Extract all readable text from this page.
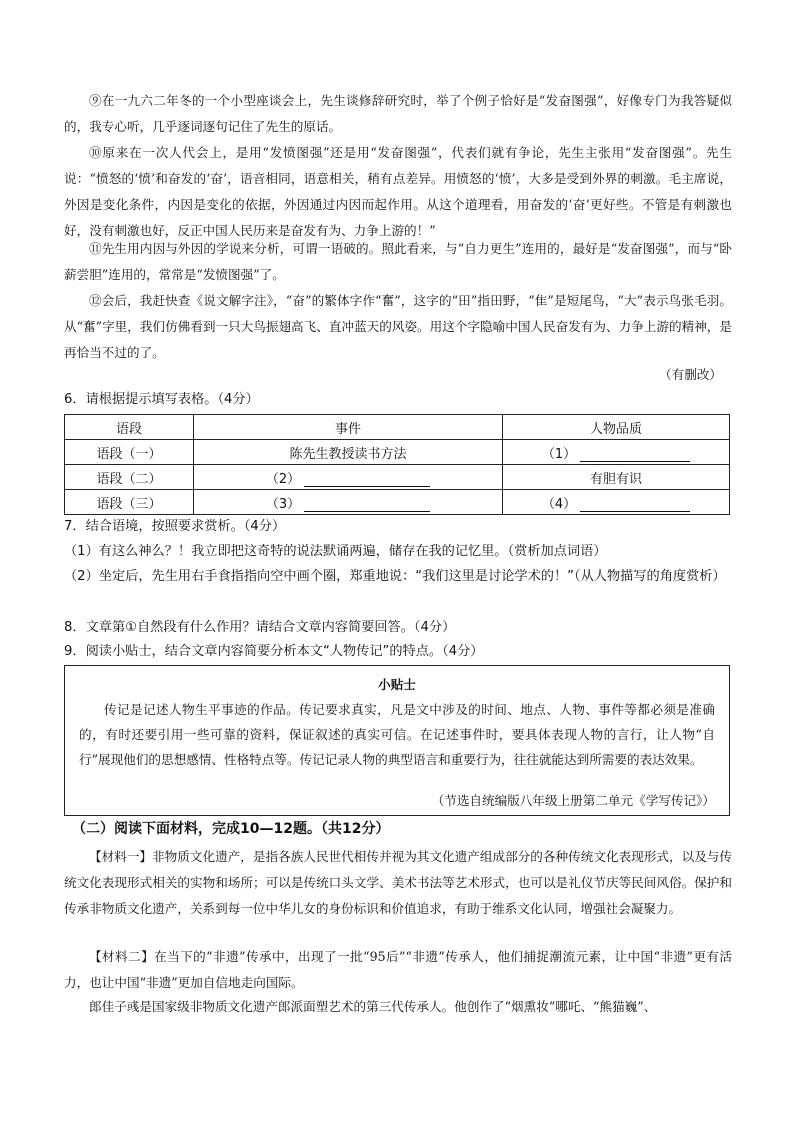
⑨在一九六二年冬的一个小型座谈会上，先生谈修辞研究时，举了个例子恰好是“发奋图强”，好像专门为我答疑似的，我专心听，几乎逐词逐句记住了先生的原话。

⑩原来在一次人代会上，是用“发愤图强”还是用“发奋图强”，代表们就有争论，先生主张用“发奋图强”。先生说：“愤怒的‘愤’和奋发的‘奋’，语音相同，语意相关，稍有点差异。用愤怒的‘愤’，大多是受到外界的刺激。毛主席说，外因是变化条件，内因是变化的依据，外因通过内因而起作用。从这个道理看，用奋发的‘奋’更好些。不管是有刺激也好，没有刺激也好，反正中国人民历来是奋发有为、力争上游的！”

⑪先生用内因与外因的学说来分析，可谓一语破的。照此看来，与“自力更生”连用的，最好是“发奋图强”，而与“卧薪尝胆”连用的，常常是“发愤图强”了。

⑫会后，我赶快查《说文解字注》，“奋”的繁体字作“奮”，这字的“田”指田野，“隹”是短尾鸟，“大”表示鸟张毛羽。从“奮”字里，我们仿佛看到一只大鸟振翅高飞、直冲蓝天的风姿。用这个字隐喻中国人民奋发有为、力争上游的精神，是再恰当不过的了。

（有删改）

6．请根据提示填写表格。（4分）

语段	事件	人物品质
语段（一）	陈先生教授读书方法	（1）
语段（二）	（2）	有胆有识
语段（三）	（3）	（4）

7．结合语境，按照要求赏析。（4分）

（1）有这么神么？！我立即把这奇特的说法默诵两遍，储存在我的记忆里。（赏析加点词语）

（2）坐定后，先生用右手食指指向空中画个圈，郑重地说：“我们这里是讨论学术的！”（从人物描写的角度赏析）

8．文章第①自然段有什么作用？请结合文章内容简要回答。（4分）

9．阅读小贴士，结合文章内容简要分析本文“人物传记”的特点。（4分）

小贴士

传记是记述人物生平事迹的作品。传记要求真实，凡是文中涉及的时间、地点、人物、事件等都必须是准确的，有时还要引用一些可靠的资料，保证叙述的真实可信。在记述事件时，要具体表现人物的言行，让人物“自行”展现他们的思想感情、性格特点等。传记记录人物的典型语言和重要行为，往往就能达到所需要的表达效果。

（节选自统编版八年级上册第二单元《学写传记》）
（二）阅读下面材料，完成10—12题。（共12分）

【材料一】非物质文化遗产，是指各族人民世代相传并视为其文化遗产组成部分的各种传统文化表现形式，以及与传统文化表现形式相关的实物和场所；可以是传统口头文学、美术书法等艺术形式，也可以是礼仪节庆等民间风俗。保护和传承非物质文化遗产，关系到每一位中华儿女的身份标识和价值追求，有助于维系文化认同，增强社会凝聚力。

【材料二】在当下的“非遗”传承中，出现了一批“95后”“非遗”传承人，他们捕捉潮流元素，让中国“非遗”更有活力，也让中国“非遗”更加自信地走向国际。

郎佳子彧是国家级非物质文化遗产郎派面塑艺术的第三代传承人。他创作了“烟熏妆”哪吒、“熊猫巍”、
